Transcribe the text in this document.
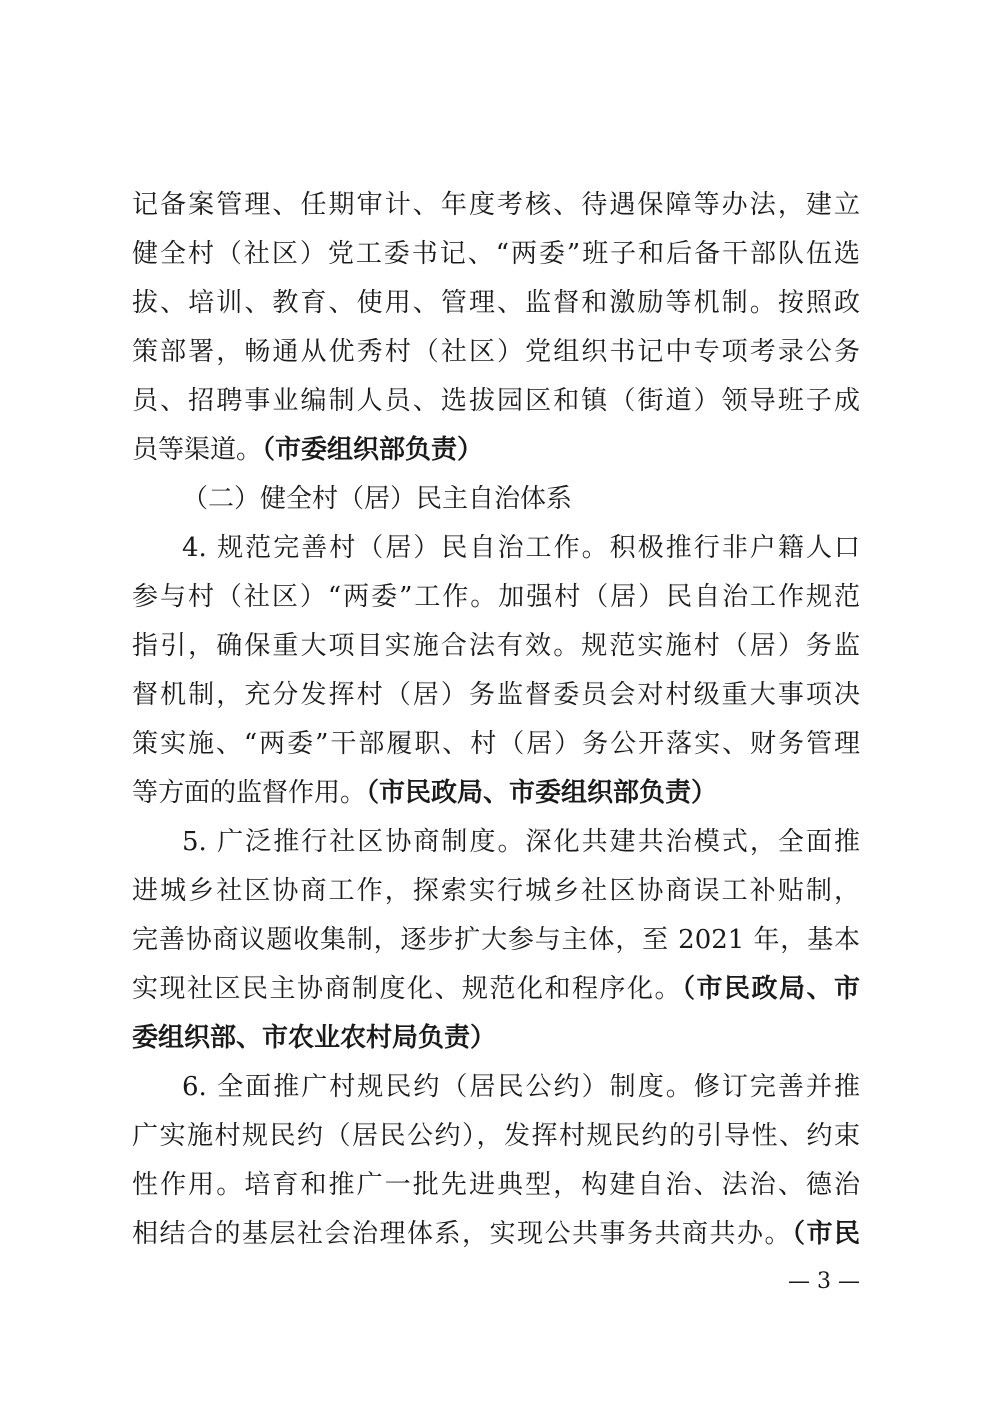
记备案管理、任期审计、年度考核、待遇保障等办法，建立
健全村（社区）党工委书记、“两委”班子和后备干部队伍选
拔、培训、教育、使用、管理、监督和激励等机制。按照政
策部署，畅通从优秀村（社区）党组织书记中专项考录公务
员、招聘事业编制人员、选拔园区和镇（街道）领导班子成
员等渠道。（市委组织部负责）
（二）健全村（居）民主自治体系
4. 规范完善村（居）民自治工作。积极推行非户籍人口
参与村（社区）“两委”工作。加强村（居）民自治工作规范
指引，确保重大项目实施合法有效。规范实施村（居）务监
督机制，充分发挥村（居）务监督委员会对村级重大事项决
策实施、“两委”干部履职、村（居）务公开落实、财务管理
等方面的监督作用。（市民政局、市委组织部负责）
5. 广泛推行社区协商制度。深化共建共治模式，全面推
进城乡社区协商工作，探索实行城乡社区协商误工补贴制，
完善协商议题收集制，逐步扩大参与主体，至 2021 年，基本
实现社区民主协商制度化、规范化和程序化。（市民政局、市
委组织部、市农业农村局负责）
6. 全面推广村规民约（居民公约）制度。修订完善并推
广实施村规民约（居民公约），发挥村规民约的引导性、约束
性作用。培育和推广一批先进典型，构建自治、法治、德治
相结合的基层社会治理体系，实现公共事务共商共办。（市民
— 3 —
